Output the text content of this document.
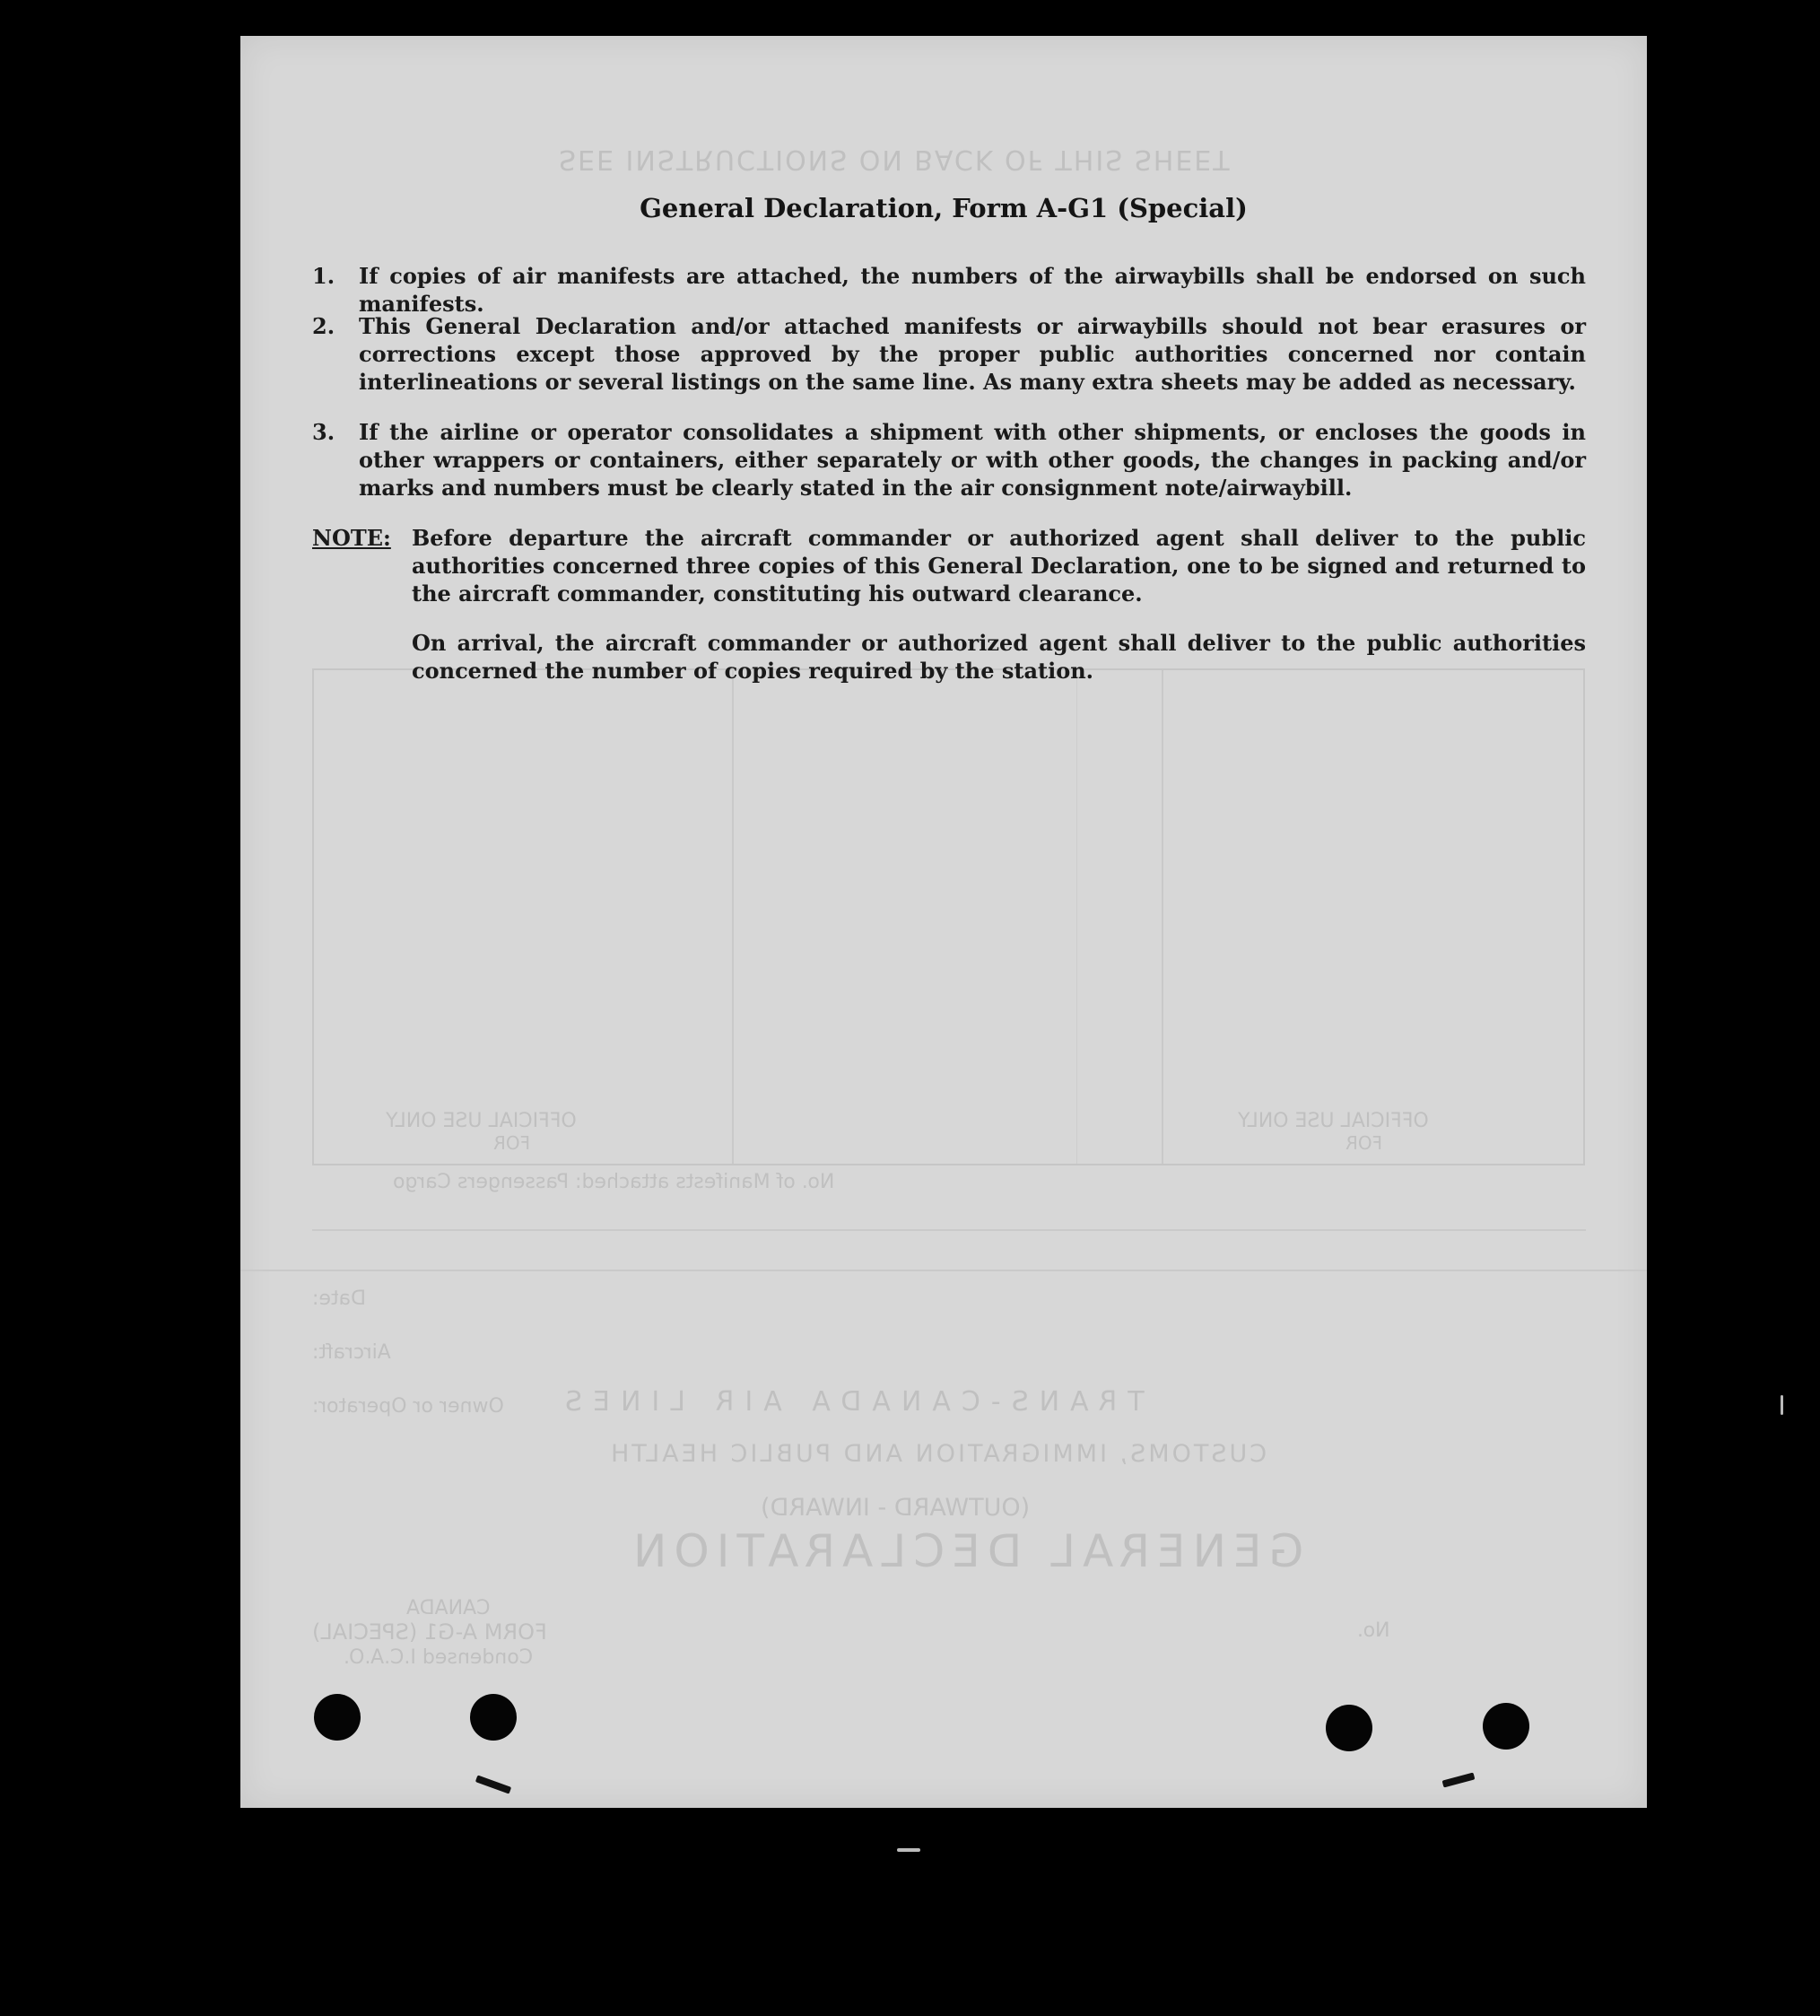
SEE INSTRUCTIONS ON BACK OF THIS SHEET
OFFICIAL USE ONLY
FOR
OFFICIAL USE ONLY
FOR
No. of Manifests attached: Passengers Cargo
Date:
Aircraft:
Owner or Operator: TRANS-CANADA AIR LINES
CUSTOMS, IMMIGRATION AND PUBLIC HEALTH
(OUTWARD - INWARD)
GENERAL DECLARATION
CANADA
FORM A-G1 (SPECIAL)
Condensed I.C.A.O.
No.
General Declaration, Form A-G1 (Special)
1.	If copies of air manifests are attached, the numbers of the airwaybills shall be endorsed on such manifests.
2.	This General Declaration and/or attached manifests or airwaybills should not bear erasures or corrections except those approved by the proper public authorities concerned nor contain interlineations or several listings on the same line. As many extra sheets may be added as necessary.
3.	If the airline or operator consolidates a shipment with other shipments, or encloses the goods in other wrappers or containers, either separately or with other goods, the changes in packing and/or marks and numbers must be clearly stated in the air consignment note/airwaybill.
NOTE: Before departure the aircraft commander or authorized agent shall deliver to the public authorities concerned three copies of this General Declaration, one to be signed and returned to the aircraft commander, constituting his outward clearance.
On arrival, the aircraft commander or authorized agent shall deliver to the public authorities concerned the number of copies required by the station.
